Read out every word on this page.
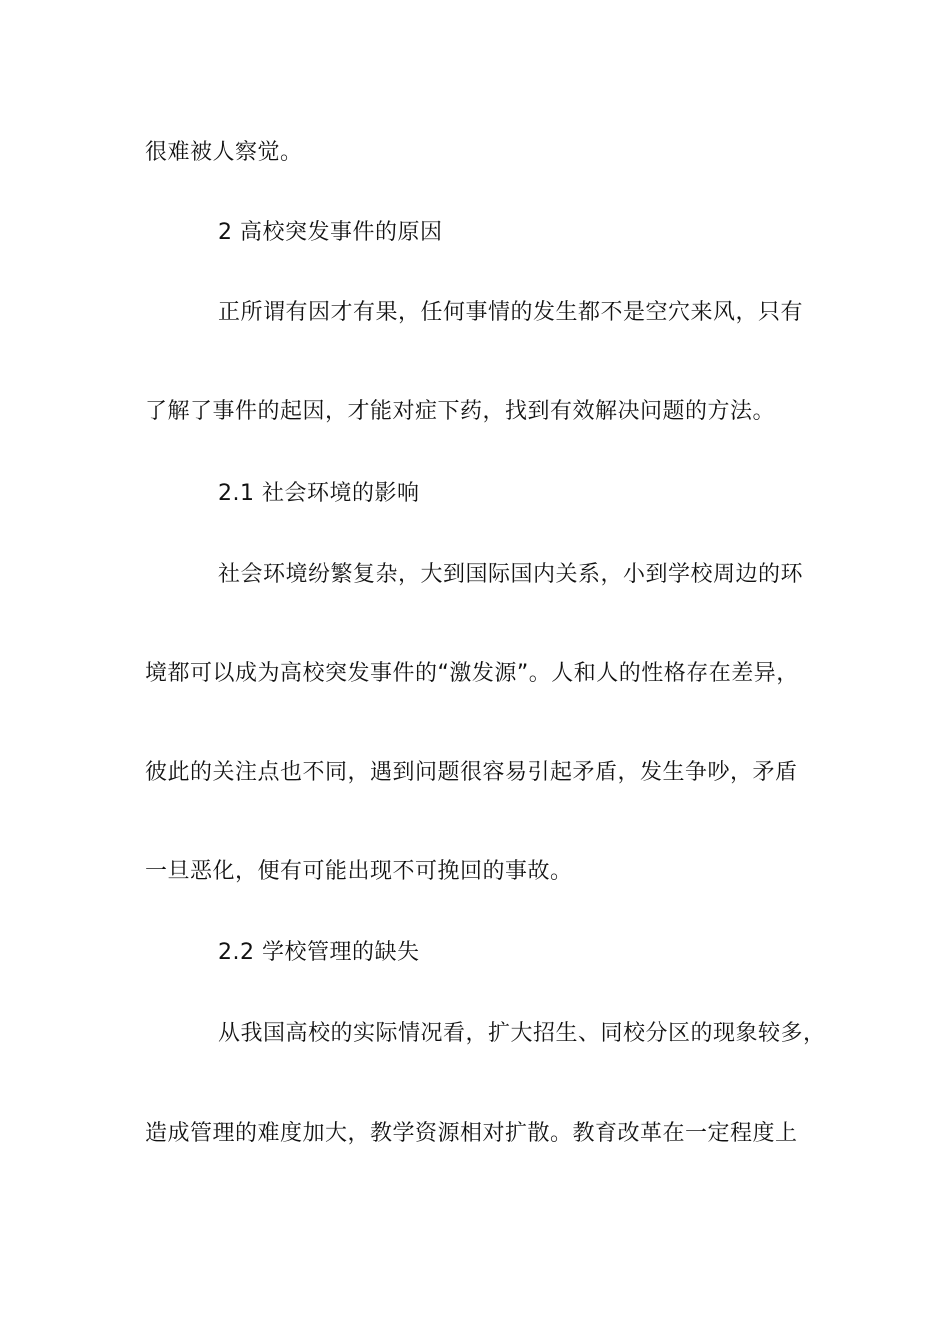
很难被人察觉。
2 高校突发事件的原因
正所谓有因才有果，任何事情的发生都不是空穴来风，只有
了解了事件的起因，才能对症下药，找到有效解决问题的方法。
2.1 社会环境的影响
社会环境纷繁复杂，大到国际国内关系，小到学校周边的环
境都可以成为高校突发事件的“激发源”。人和人的性格存在差异，
彼此的关注点也不同，遇到问题很容易引起矛盾，发生争吵，矛盾
一旦恶化，便有可能出现不可挽回的事故。
2.2 学校管理的缺失
从我国高校的实际情况看，扩大招生、同校分区的现象较多，
造成管理的难度加大，教学资源相对扩散。教育改革在一定程度上
